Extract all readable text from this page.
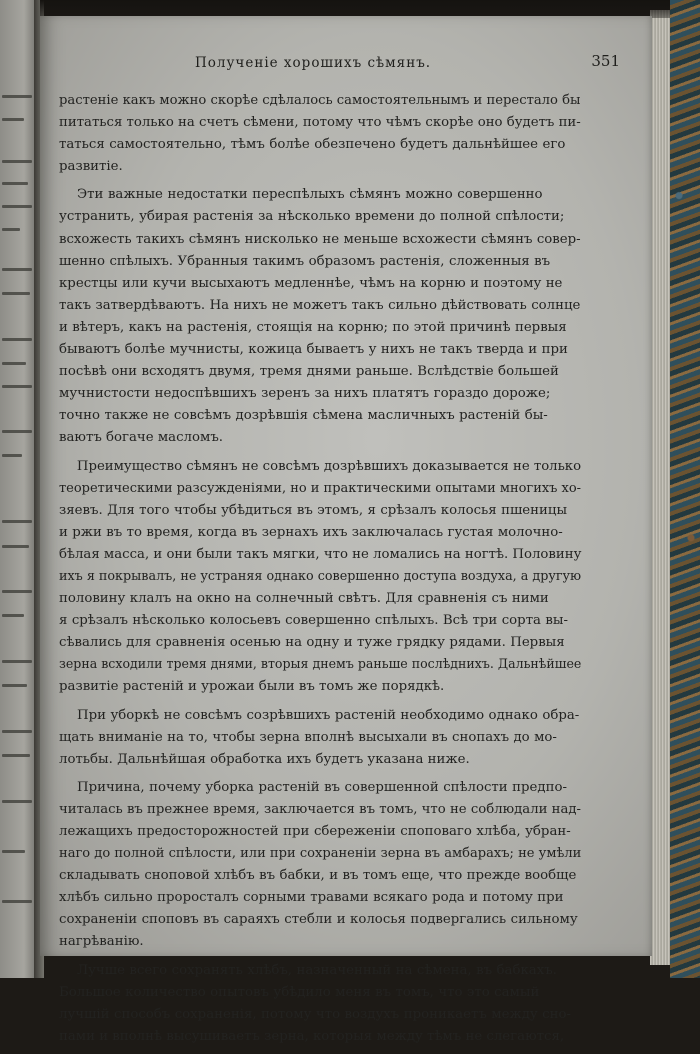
Полученіе хорошихъ сѣмянъ.	351
растеніе какъ можно скорѣе сдѣлалось самостоятельнымъ и перестало бы
питаться только на счетъ сѣмени, потому что чѣмъ скорѣе оно будетъ пи-
таться самостоятельно, тѣмъ болѣе обезпечено будетъ дальнѣйшее его
развитіе.
Эти важные недостатки переспѣлыхъ сѣмянъ можно совершенно
устранить, убирая растенія за нѣсколько времени до полной спѣлости;
всхожесть такихъ сѣмянъ нисколько не меньше всхожести сѣмянъ совер-
шенно спѣлыхъ. Убранныя такимъ образомъ растенія, сложенныя въ
крестцы или кучи высыхаютъ медленнѣе, чѣмъ на корню и поэтому не
такъ затвердѣваютъ. На нихъ не можетъ такъ сильно дѣйствовать солнце
и вѣтеръ, какъ на растенія, стоящія на корню; по этой причинѣ первыя
бываютъ болѣе мучнисты, кожица бываетъ у нихъ не такъ тверда и при
посѣвѣ они всходятъ двумя, тремя днями раньше. Вслѣдствіе большей
мучнистости недоспѣвшихъ зеренъ за нихъ платятъ гораздо дороже;
точно также не совсѣмъ дозрѣвшія сѣмена масличныхъ растеній бы-
ваютъ богаче масломъ.
Преимущество сѣмянъ не совсѣмъ дозрѣвшихъ доказывается не только
теоретическими разсужденіями, но и практическими опытами многихъ хо-
зяевъ. Для того чтобы убѣдиться въ этомъ, я срѣзалъ колосья пшеницы
и ржи въ то время, когда въ зернахъ ихъ заключалась густая молочно-
бѣлая масса, и они были такъ мягки, что не ломались на ногтѣ. Половину
ихъ я покрывалъ, не устраняя однако совершенно доступа воздуха, а другую
половину клалъ на окно на солнечный свѣтъ. Для сравненія съ ними
я срѣзалъ нѣсколько колосьевъ совершенно спѣлыхъ. Всѣ три сорта вы-
сѣвались для сравненія осенью на одну и туже грядку рядами. Первыя
зерна всходили тремя днями, вторыя днемъ раньше послѣднихъ. Дальнѣйшее
развитіе растеній и урожаи были въ томъ же порядкѣ.
При уборкѣ не совсѣмъ созрѣвшихъ растеній необходимо однако обра-
щать вниманіе на то, чтобы зерна вполнѣ высыхали въ снопахъ до мо-
лотьбы. Дальнѣйшая обработка ихъ будетъ указана ниже.
Причина, почему уборка растеній въ совершенной спѣлости предпо-
читалась въ прежнее время, заключается въ томъ, что не соблюдали над-
лежащихъ предосторожностей при сбереженіи споповаго хлѣба, убран-
наго до полной спѣлости, или при сохраненіи зерна въ амбарахъ; не умѣли
складывать сноповой хлѣбъ въ бабки, и въ томъ еще, что прежде вообще
хлѣбъ сильно проросталъ сорными травами всякаго рода и потому при
сохраненіи споповъ въ сараяхъ стебли и колосья подвергались сильному
нагрѣванію.
Лучше всего сохранять хлѣбъ, назначенный на сѣмена, въ бабкахъ.
Большое количество опытовъ убѣдило меня въ томъ, что это самый
лучшій способъ сохраненія, потому что воздухъ проникаетъ между сно-
пами и вполнѣ высушиваетъ зерна, которыя между тѣмъ не слегаются,
